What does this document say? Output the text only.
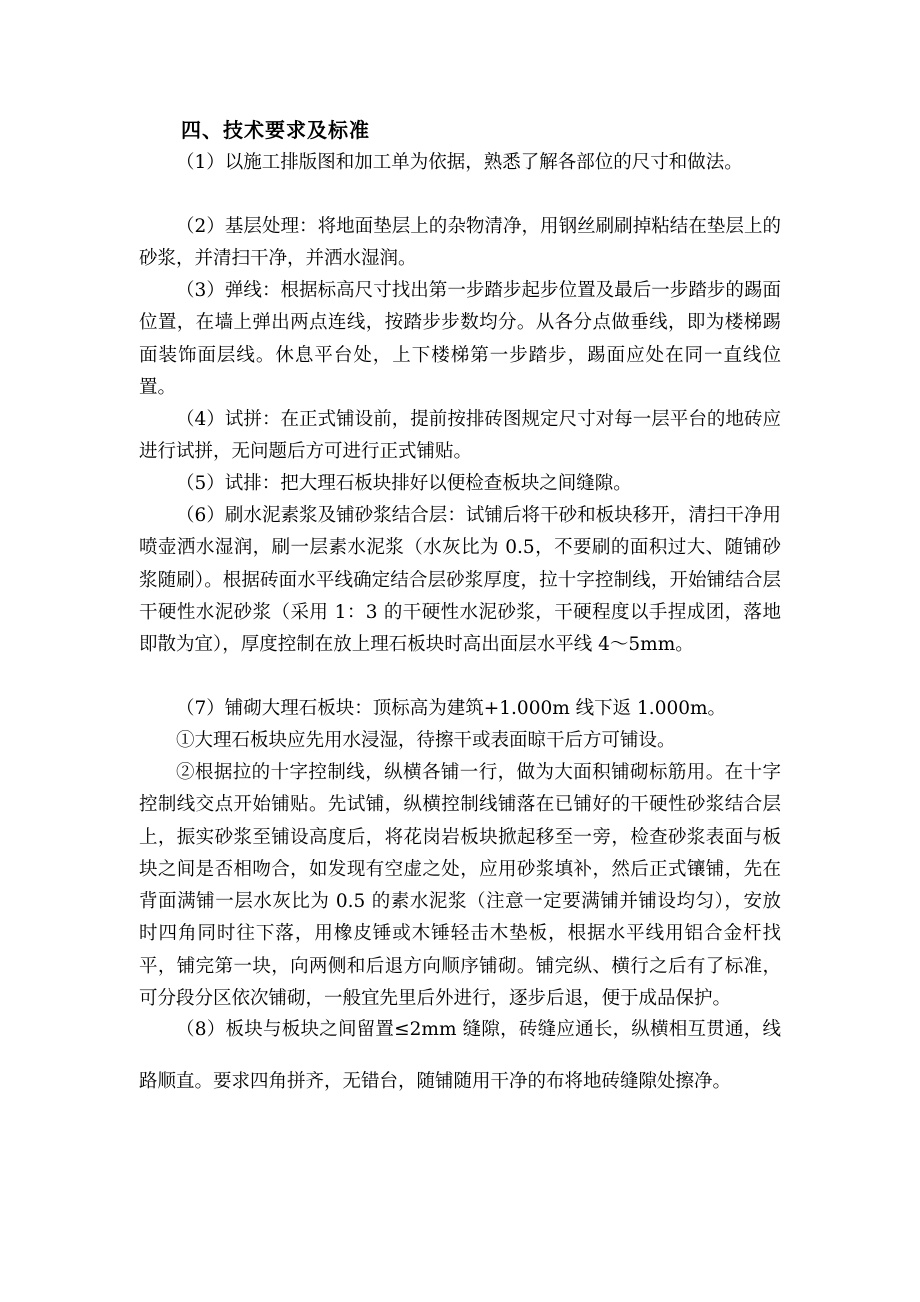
四、技术要求及标准

（1）以施工排版图和加工单为依据，熟悉了解各部位的尺寸和做法。

（2）基层处理：将地面垫层上的杂物清净，用钢丝刷刷掉粘结在垫层上的砂浆，并清扫干净，并洒水湿润。

（3）弹线：根据标高尺寸找出第一步踏步起步位置及最后一步踏步的踢面位置，在墙上弹出两点连线，按踏步步数均分。从各分点做垂线，即为楼梯踢面装饰面层线。休息平台处，上下楼梯第一步踏步，踢面应处在同一直线位置。

（4）试拼：在正式铺设前，提前按排砖图规定尺寸对每一层平台的地砖应进行试拼，无问题后方可进行正式铺贴。

（5）试排：把大理石板块排好以便检查板块之间缝隙。

（6）刷水泥素浆及铺砂浆结合层：试铺后将干砂和板块移开，清扫干净用喷壶洒水湿润，刷一层素水泥浆（水灰比为 0.5，不要刷的面积过大、随铺砂浆随刷）。根据砖面水平线确定结合层砂浆厚度，拉十字控制线，开始铺结合层干硬性水泥砂浆（采用 1：3 的干硬性水泥砂浆，干硬程度以手捏成团，落地即散为宜），厚度控制在放上理石板块时高出面层水平线 4～5mm。

（7）铺砌大理石板块：顶标高为建筑+1.000m 线下返 1.000m。

①大理石板块应先用水浸湿，待擦干或表面晾干后方可铺设。

②根据拉的十字控制线，纵横各铺一行，做为大面积铺砌标筋用。在十字控制线交点开始铺贴。先试铺，纵横控制线铺落在已铺好的干硬性砂浆结合层上，振实砂浆至铺设高度后，将花岗岩板块掀起移至一旁，检查砂浆表面与板块之间是否相吻合，如发现有空虚之处，应用砂浆填补，然后正式镶铺，先在背面满铺一层水灰比为 0.5 的素水泥浆（注意一定要满铺并铺设均匀），安放时四角同时往下落，用橡皮锤或木锤轻击木垫板，根据水平线用铝合金杆找平，铺完第一块，向两侧和后退方向顺序铺砌。铺完纵、横行之后有了标准，可分段分区依次铺砌，一般宜先里后外进行，逐步后退，便于成品保护。

（8）板块与板块之间留置≤2mm 缝隙，砖缝应通长，纵横相互贯通，线路顺直。要求四角拼齐，无错台，随铺随用干净的布将地砖缝隙处擦净。
